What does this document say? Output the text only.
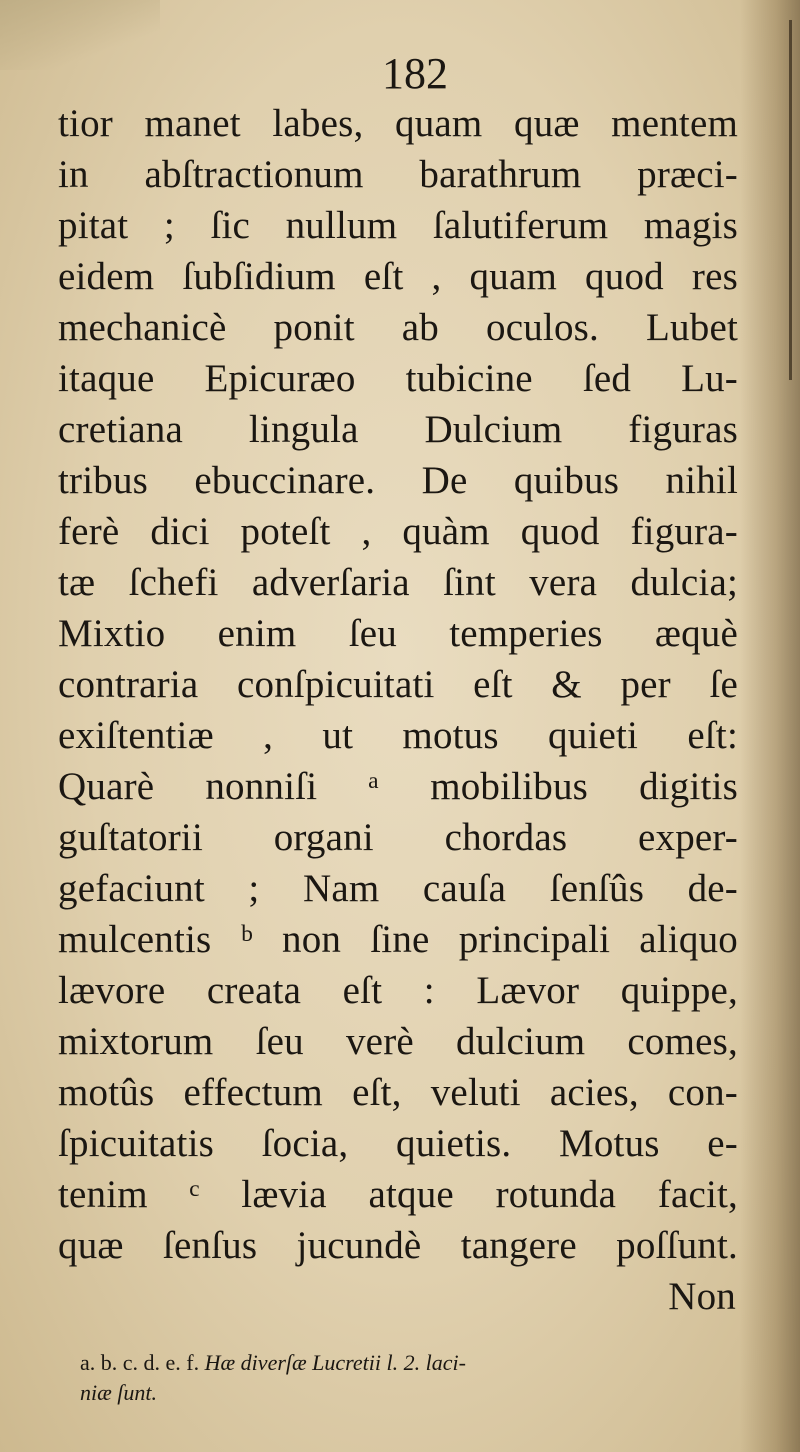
182
tior manet labes, quam quæ mentem
in abſtractionum barathrum præci-
pitat ; ſic nullum ſalutiferum magis
eidem ſubſidium eſt , quam quod res
mechanicè ponit ab oculos. Lubet
itaque Epicuræo tubicine ſed Lu-
cretiana lingula Dulcium figuras
tribus ebuccinare. De quibus nihil
ferè dici poteſt , quàm quod figura-
tæ ſchefi adverſaria ſint vera dulcia;
Mixtio enim ſeu temperies æquè
contraria conſpicuitati eſt & per ſe
exiſtentiæ , ut motus quieti eſt:
Quarè nonniſi ᵃ mobilibus digitis
guſtatorii organi chordas exper-
gefaciunt ; Nam cauſa ſenſûs de-
mulcentis ᵇ non ſine principali aliquo
lævore creata eſt : Lævor quippe,
mixtorum ſeu verè dulcium comes,
motûs effectum eſt, veluti acies, con-
ſpicuitatis ſocia, quietis. Motus e-
tenim ᶜ lævia atque rotunda facit,
quæ ſenſus jucundè tangere poſſunt.
Non
a. b. c. d. e. f. Hæ diverſæ Lucretii l. 2. laci-
niæ ſunt.
